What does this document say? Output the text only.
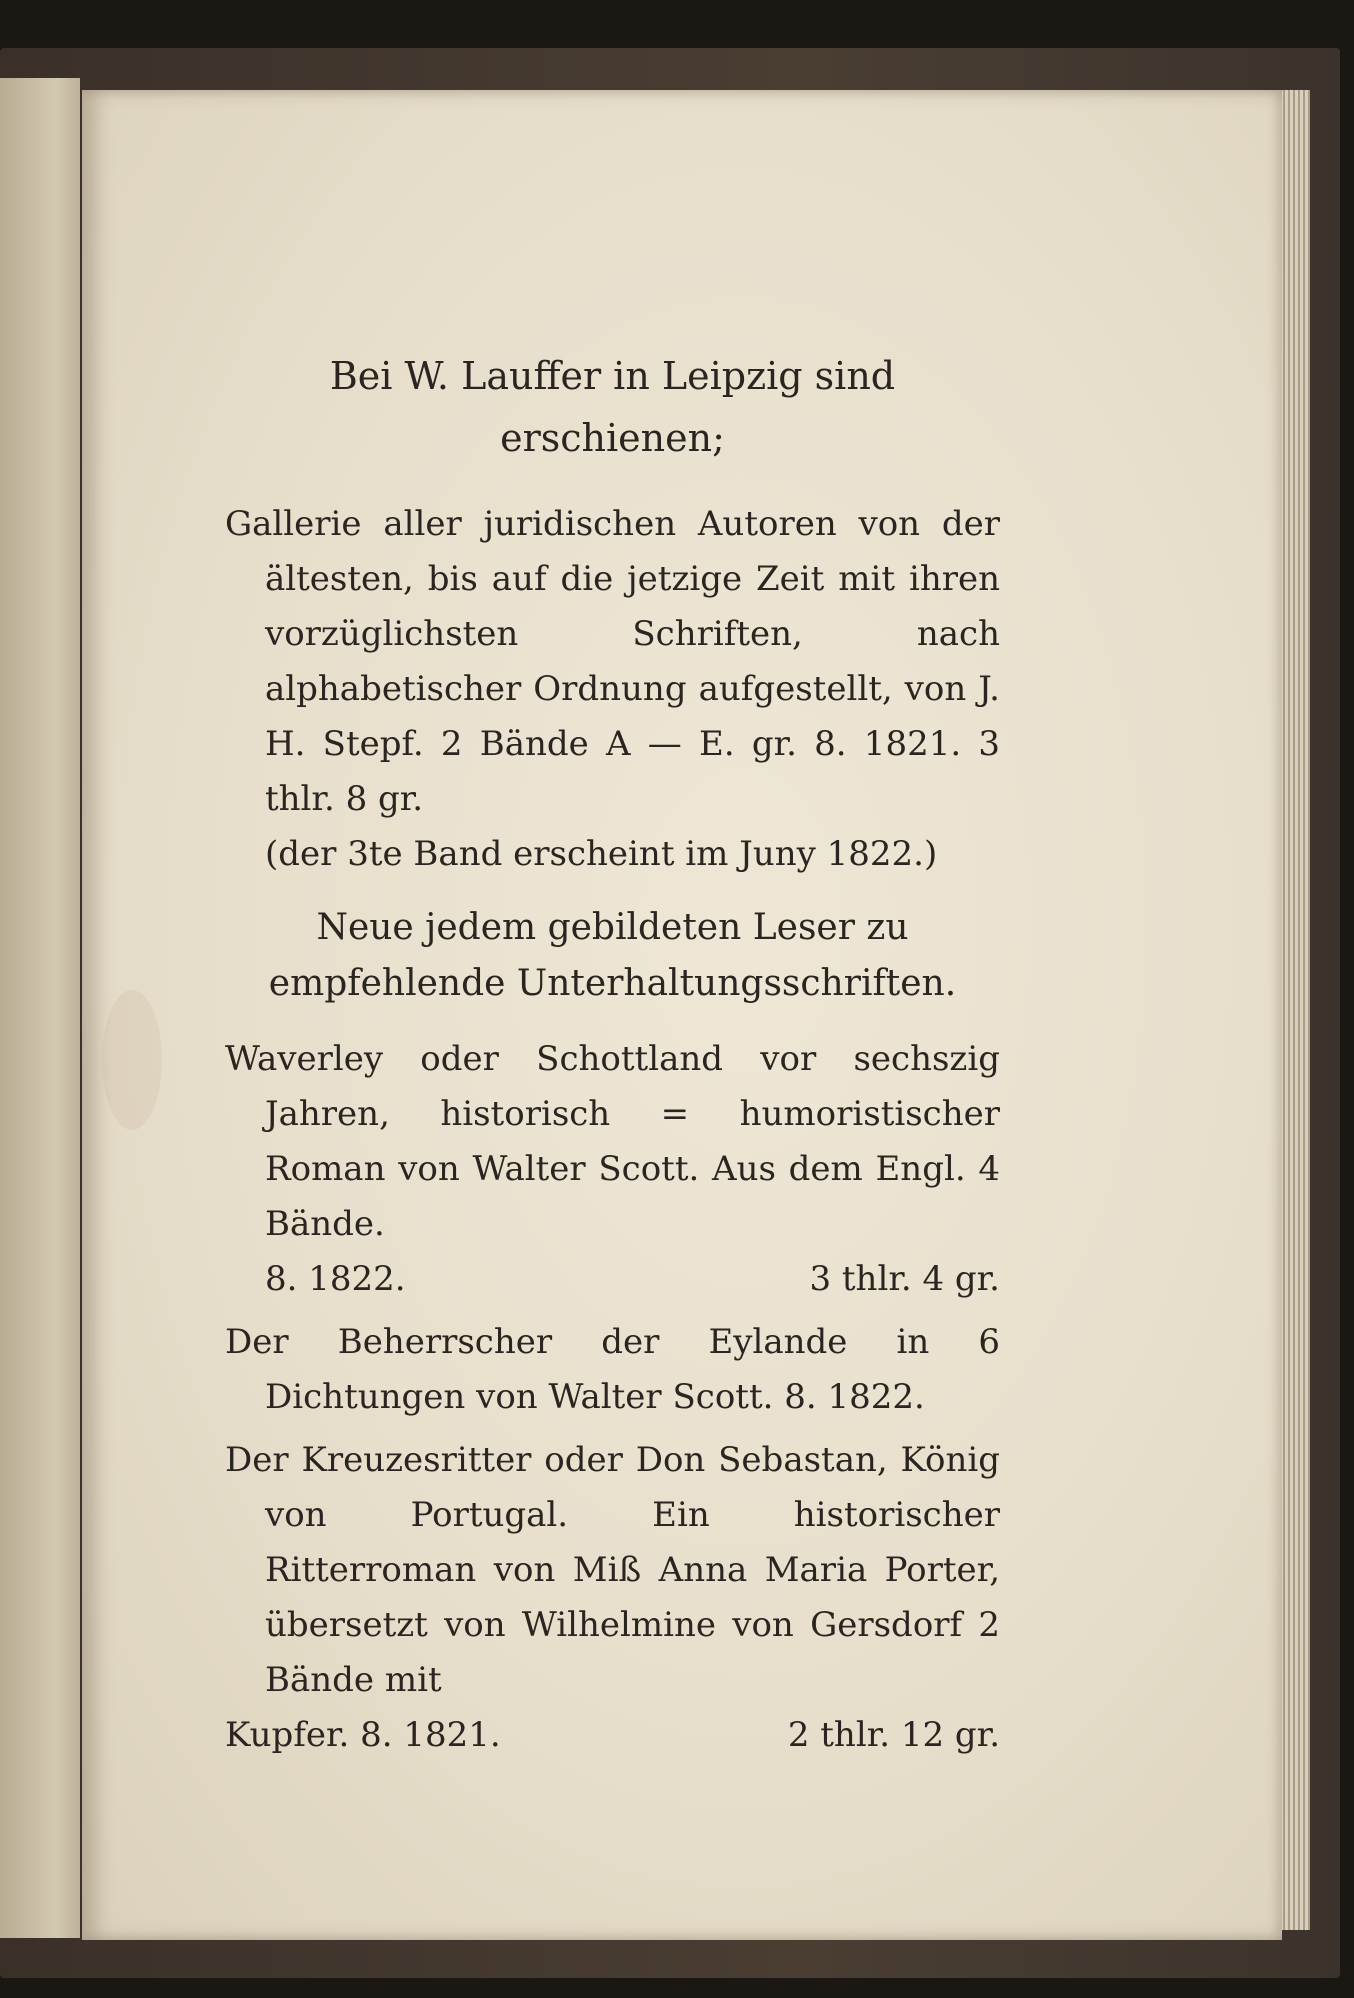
Bei W. Lauffer in Leipzig sind erschienen;

Gallerie aller juridischen Autoren von der ältesten, bis auf die jetzige Zeit mit ihren vorzüglichsten Schriften, nach alphabetischer Ordnung aufgestellt, von J. H. Stepf. 2 Bände A — E. gr. 8. 1821. 3 thlr. 8 gr.

(der 3te Band erscheint im Juny 1822.)

Neue jedem gebildeten Leser zu empfehlende Unterhaltungsschriften.

Waverley oder Schottland vor sechszig Jahren, historisch = humoristischer Roman von Walter Scott. Aus dem Engl. 4 Bände.

8. 1822.	3 thlr. 4 gr.

Der Beherrscher der Eylande in 6 Dichtungen von Walter Scott. 8. 1822.

Der Kreuzesritter oder Don Sebastan, König von Portugal. Ein historischer Ritterroman von Miß Anna Maria Porter, übersetzt von Wilhelmine von Gersdorf 2 Bände mit

Kupfer. 8. 1821.	2 thlr. 12 gr.
